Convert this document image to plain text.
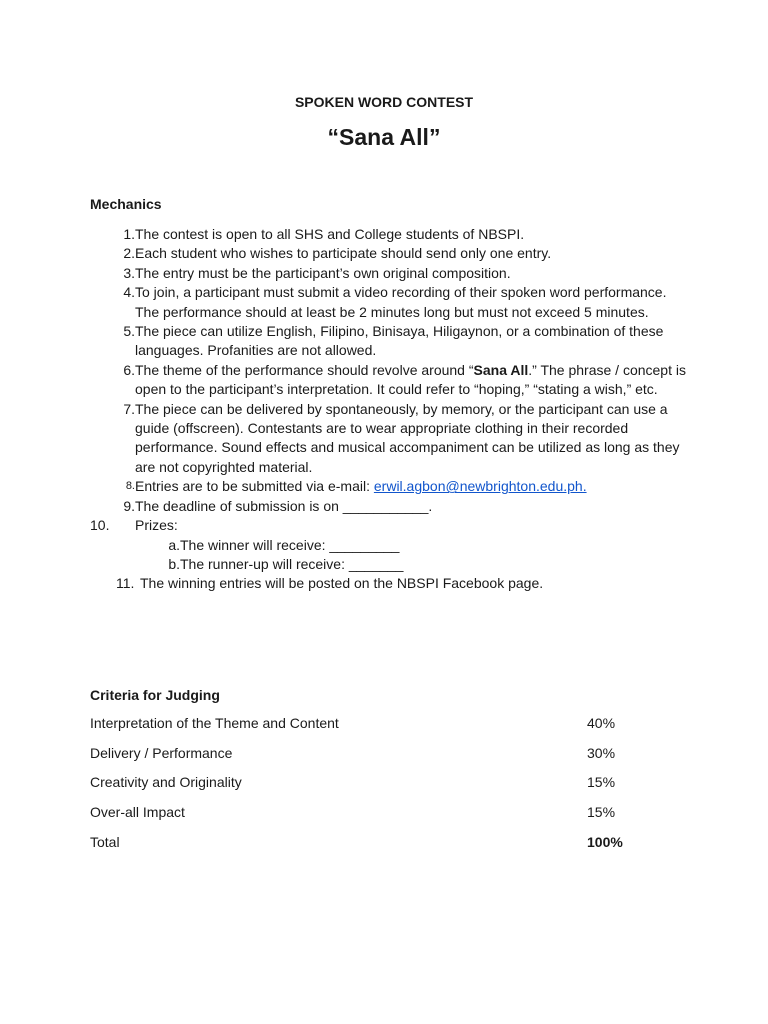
SPOKEN WORD CONTEST
“Sana All”
Mechanics
1. The contest is open to all SHS and College students of NBSPI.
2. Each student who wishes to participate should send only one entry.
3. The entry must be the participant’s own original composition.
4. To join, a participant must submit a video recording of their spoken word performance. The performance should at least be 2 minutes long but must not exceed 5 minutes.
5. The piece can utilize English, Filipino, Binisaya, Hiligaynon, or a combination of these languages. Profanities are not allowed.
6. The theme of the performance should revolve around “Sana All.” The phrase / concept is open to the participant’s interpretation. It could refer to “hoping,” “stating a wish,” etc.
7. The piece can be delivered by spontaneously, by memory, or the participant can use a guide (offscreen). Contestants are to wear appropriate clothing in their recorded performance. Sound effects and musical accompaniment can be utilized as long as they are not copyrighted material.
8. Entries are to be submitted via e-mail: erwil.agbon@newbrighton.edu.ph.
9. The deadline of submission is on ___________.
10.	Prizes:
a. The winner will receive: _________
b. The runner-up will receive: _______
11. The winning entries will be posted on the NBSPI Facebook page.
Criteria for Judging
Interpretation of the Theme and Content	40%
Delivery / Performance	30%
Creativity and Originality	15%
Over-all Impact	15%
Total	100%
